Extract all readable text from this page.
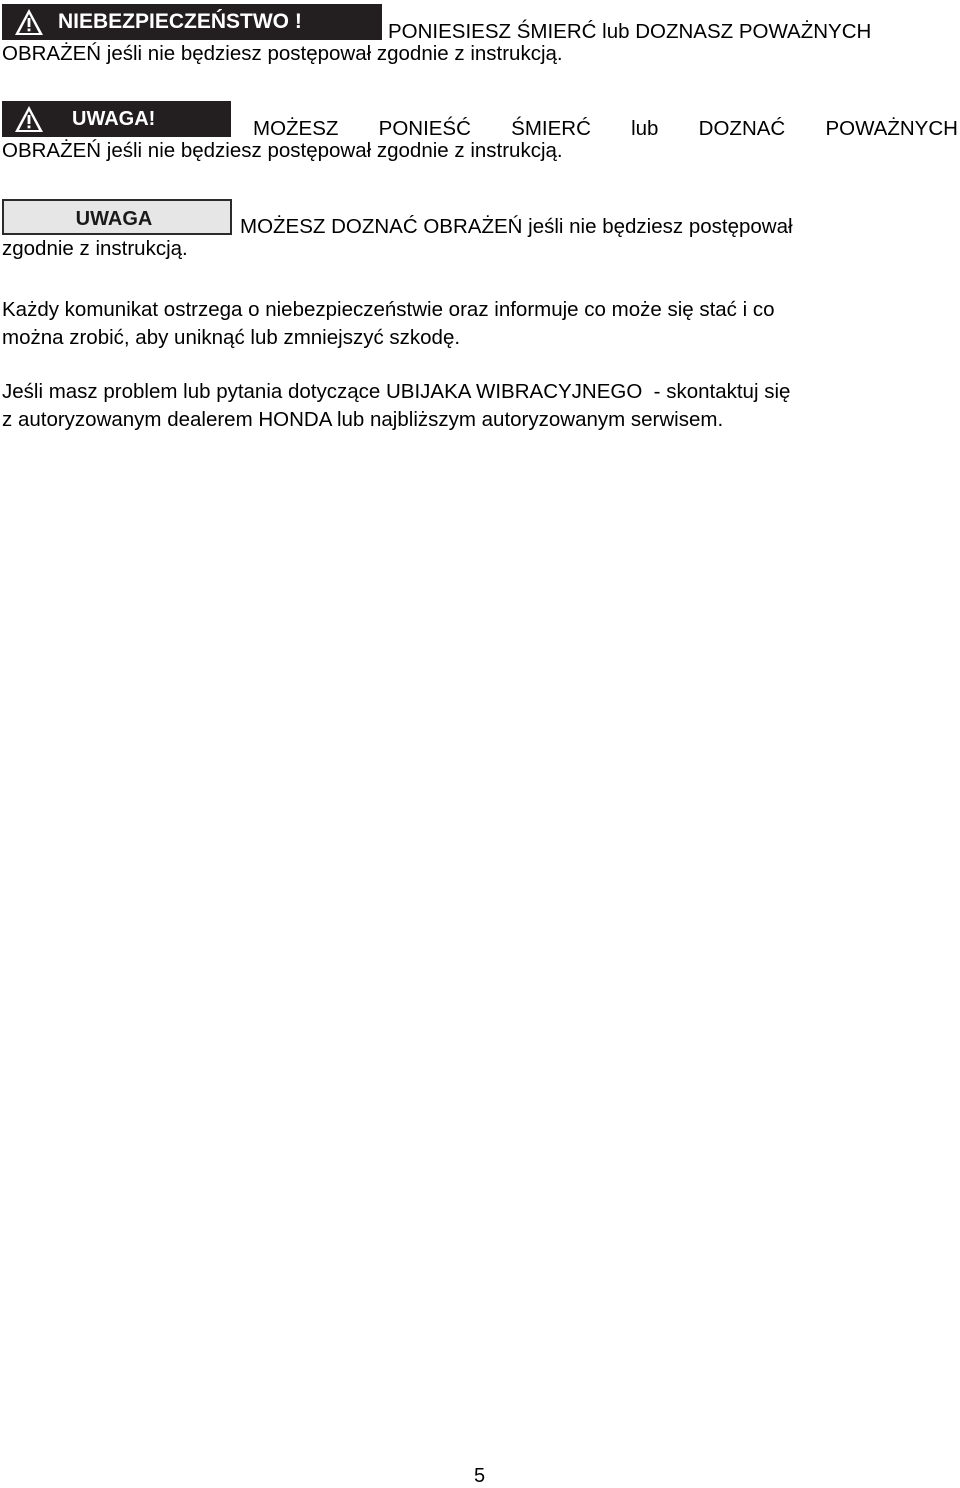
NIEBEZPIECZEŃSTWO !	PONIESIESZ ŚMIERĆ lub DOZNASZ POWAŻNYCH
OBRAŻEŃ jeśli nie będziesz postępował zgodnie z instrukcją.
UWAGA!	MOŻESZ PONIEŚĆ ŚMIERĆ lub DOZNAĆ POWAŻNYCH
OBRAŻEŃ jeśli nie będziesz postępował zgodnie z instrukcją.
UWAGA	MOŻESZ DOZNAĆ OBRAŻEŃ jeśli nie będziesz postępował
zgodnie z instrukcją.
Każdy komunikat ostrzega o niebezpieczeństwie oraz informuje co może się stać i co
można zrobić, aby uniknąć lub zmniejszyć szkodę.
Jeśli masz problem lub pytania dotyczące UBIJAKA WIBRACYJNEGO  - skontaktuj się
z autoryzowanym dealerem HONDA lub najbliższym autoryzowanym serwisem.
5
